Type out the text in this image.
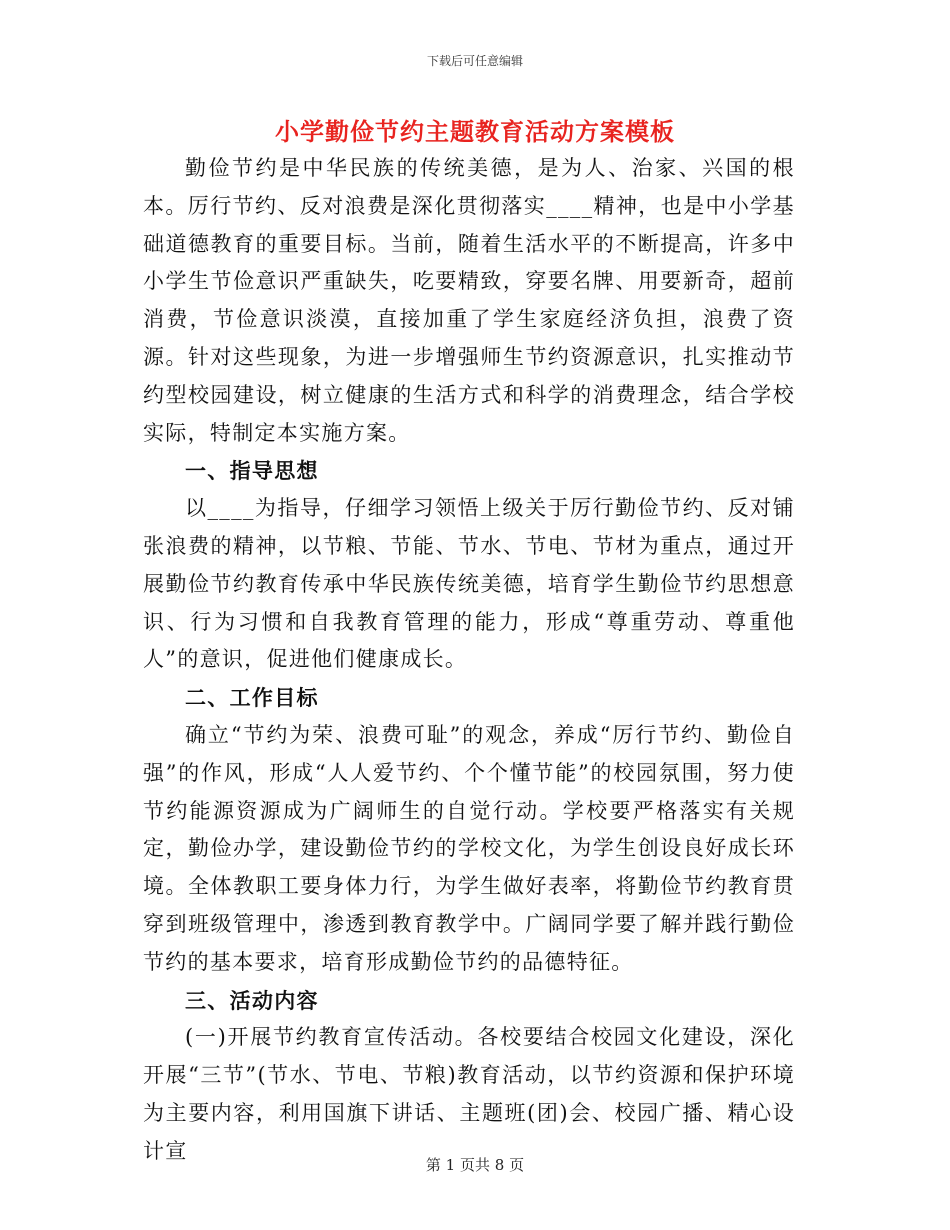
下载后可任意编辑
小学勤俭节约主题教育活动方案模板

勤俭节约是中华民族的传统美德，是为人、治家、兴国的根本。厉行节约、反对浪费是深化贯彻落实____精神，也是中小学基础道德教育的重要目标。当前，随着生活水平的不断提高，许多中小学生节俭意识严重缺失，吃要精致，穿要名牌、用要新奇，超前消费，节俭意识淡漠，直接加重了学生家庭经济负担，浪费了资源。针对这些现象，为进一步增强师生节约资源意识，扎实推动节约型校园建设，树立健康的生活方式和科学的消费理念，结合学校实际，特制定本实施方案。

一、指导思想

以____为指导，仔细学习领悟上级关于厉行勤俭节约、反对铺张浪费的精神，以节粮、节能、节水、节电、节材为重点，通过开展勤俭节约教育传承中华民族传统美德，培育学生勤俭节约思想意识、行为习惯和自我教育管理的能力，形成“尊重劳动、尊重他人”的意识，促进他们健康成长。

二、工作目标

确立“节约为荣、浪费可耻”的观念，养成“厉行节约、勤俭自强”的作风，形成“人人爱节约、个个懂节能”的校园氛围，努力使节约能源资源成为广阔师生的自觉行动。学校要严格落实有关规定，勤俭办学，建设勤俭节约的学校文化，为学生创设良好成长环境。全体教职工要身体力行，为学生做好表率，将勤俭节约教育贯穿到班级管理中，渗透到教育教学中。广阔同学要了解并践行勤俭节约的基本要求，培育形成勤俭节约的品德特征。

三、活动内容

(一)开展节约教育宣传活动。各校要结合校园文化建设，深化开展“三节”(节水、节电、节粮)教育活动，以节约资源和保护环境为主要内容，利用国旗下讲话、主题班(团)会、校园广播、精心设计宣

第 1 页共 8 页
